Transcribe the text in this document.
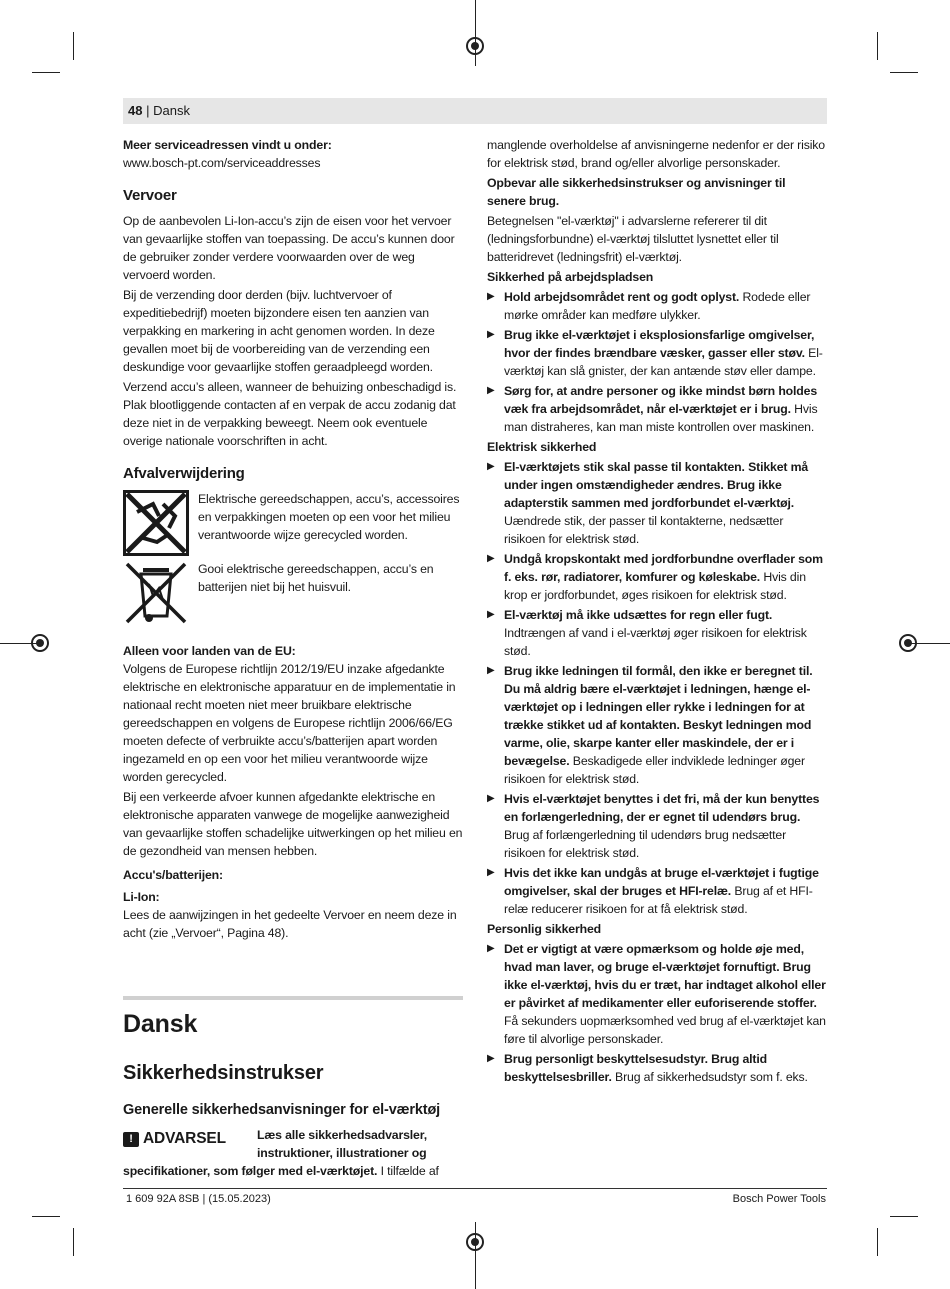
48 | Dansk
Meer serviceadressen vindt u onder:

www.bosch-pt.com/serviceaddresses

Vervoer

Op de aanbevolen Li-Ion-accu’s zijn de eisen voor het vervoer van gevaarlijke stoffen van toepassing. De accu’s kunnen door de gebruiker zonder verdere voorwaarden over de weg vervoerd worden.

Bij de verzending door derden (bijv. luchtvervoer of expeditiebedrijf) moeten bijzondere eisen ten aanzien van verpakking en markering in acht genomen worden. In deze gevallen moet bij de voorbereiding van de verzending een deskundige voor gevaarlijke stoffen geraadpleegd worden.

Verzend accu’s alleen, wanneer de behuizing onbeschadigd is. Plak blootliggende contacten af en verpak de accu zodanig dat deze niet in de verpakking beweegt. Neem ook eventuele overige nationale voorschriften in acht.

Afvalverwijdering

Elektrische gereedschappen, accu’s, accessoires en verpakkingen moeten op een voor het milieu verantwoorde wijze gerecycled worden.

Gooi elektrische gereedschappen, accu’s en batterijen niet bij het huisvuil.

Alleen voor landen van de EU:

Volgens de Europese richtlijn 2012/19/EU inzake afgedankte elektrische en elektronische apparatuur en de implementatie in nationaal recht moeten niet meer bruikbare elektrische gereedschappen en volgens de Europese richtlijn 2006/66/EG moeten defecte of verbruikte accu’s/batterijen apart worden ingezameld en op een voor het milieu verantwoorde wijze worden gerecycled.

Bij een verkeerde afvoer kunnen afgedankte elektrische en elektronische apparaten vanwege de mogelijke aanwezigheid van gevaarlijke stoffen schadelijke uitwerkingen op het milieu en de gezondheid van mensen hebben.

Accu's/batterijen:
Li-Ion:

Lees de aanwijzingen in het gedeelte Vervoer en neem deze in acht (zie „Vervoer“, Pagina 48).

Dansk
Sikkerhedsinstrukser
Generelle sikkerhedsanvisninger for el-værktøj
! ADVARSEL	Læs alle sikkerhedsadvarsler, instruktioner, illustrationer og specifikationer, som følger med el-værktøjet. I tilfælde af

manglende overholdelse af anvisningerne nedenfor er der risiko for elektrisk stød, brand og/eller alvorlige personskader.

Opbevar alle sikkerhedsinstrukser og anvisninger til senere brug.

Betegnelsen "el-værktøj" i advarslerne refererer til dit (ledningsforbundne) el-værktøj tilsluttet lysnettet eller til batteridrevet (ledningsfrit) el-værktøj.

Sikkerhed på arbejdspladsen

▶ Hold arbejdsområdet rent og godt oplyst. Rodede eller mørke områder kan medføre ulykker.
▶ Brug ikke el-værktøjet i eksplosionsfarlige omgivelser, hvor der findes brændbare væsker, gasser eller støv. El-værktøj kan slå gnister, der kan antænde støv eller dampe.
▶ Sørg for, at andre personer og ikke mindst børn holdes væk fra arbejdsområdet, når el-værktøjet er i brug. Hvis man distraheres, kan man miste kontrollen over maskinen.

Elektrisk sikkerhed

▶ El-værktøjets stik skal passe til kontakten. Stikket må under ingen omstændigheder ændres. Brug ikke adapterstik sammen med jordforbundet el-værktøj. Uændrede stik, der passer til kontakterne, nedsætter risikoen for elektrisk stød.
▶ Undgå kropskontakt med jordforbundne overflader som f. eks. rør, radiatorer, komfurer og køleskabe. Hvis din krop er jordforbundet, øges risikoen for elektrisk stød.
▶ El-værktøj må ikke udsættes for regn eller fugt. Indtrængen af vand i el-værktøj øger risikoen for elektrisk stød.
▶ Brug ikke ledningen til formål, den ikke er beregnet til. Du må aldrig bære el-værktøjet i ledningen, hænge el-værktøjet op i ledningen eller rykke i ledningen for at trække stikket ud af kontakten. Beskyt ledningen mod varme, olie, skarpe kanter eller maskindele, der er i bevægelse. Beskadigede eller indviklede ledninger øger risikoen for elektrisk stød.
▶ Hvis el-værktøjet benyttes i det fri, må der kun benyttes en forlængerledning, der er egnet til udendørs brug. Brug af forlængerledning til udendørs brug nedsætter risikoen for elektrisk stød.
▶ Hvis det ikke kan undgås at bruge el-værktøjet i fugtige omgivelser, skal der bruges et HFI-relæ. Brug af et HFI-relæ reducerer risikoen for at få elektrisk stød.

Personlig sikkerhed

▶ Det er vigtigt at være opmærksom og holde øje med, hvad man laver, og bruge el-værktøjet fornuftigt. Brug ikke el-værktøj, hvis du er træt, har indtaget alkohol eller er påvirket af medikamenter eller euforiserende stoffer. Få sekunders uopmærksomhed ved brug af el-værktøjet kan føre til alvorlige personskader.
▶ Brug personligt beskyttelsesudstyr. Brug altid beskyttelsesbriller. Brug af sikkerhedsudstyr som f. eks.
1 609 92A 8SB | (15.05.2023)	Bosch Power Tools
